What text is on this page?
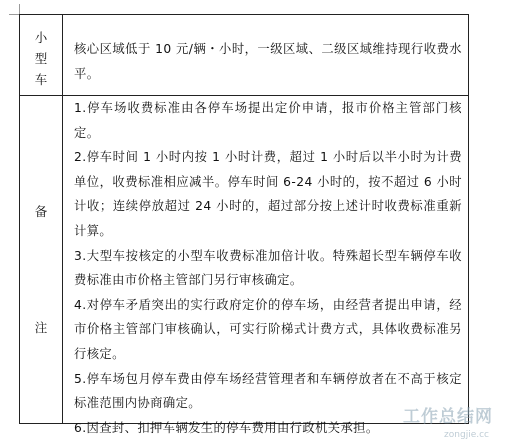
小
型
车

核心区域低于 10 元/辆・小时，一级区域、二级区域维持现行收费水平。

备

注

1.停车场收费标准由各停车场提出定价申请，报市价格主管部门核定。

2.停车时间 1 小时内按 1 小时计费，超过 1 小时后以半小时为计费单位，收费标准相应减半。停车时间 6-24 小时的，按不超过 6 小时计收；连续停放超过 24 小时的，超过部分按上述计时收费标准重新计算。

3.大型车按核定的小型车收费标准加倍计收。特殊超长型车辆停车收费标准由市价格主管部门另行审核确定。

4.对停车矛盾突出的实行政府定价的停车场，由经营者提出申请，经市价格主管部门审核确认，可实行阶梯式计费方式，具体收费标准另行核定。

5.停车场包月停车费由停车场经营管理者和车辆停放者在不高于核定标准范围内协商确定。

6.因查封、扣押车辆发生的停车费用由行政机关承担。

工作总结网
zongjie.cc
